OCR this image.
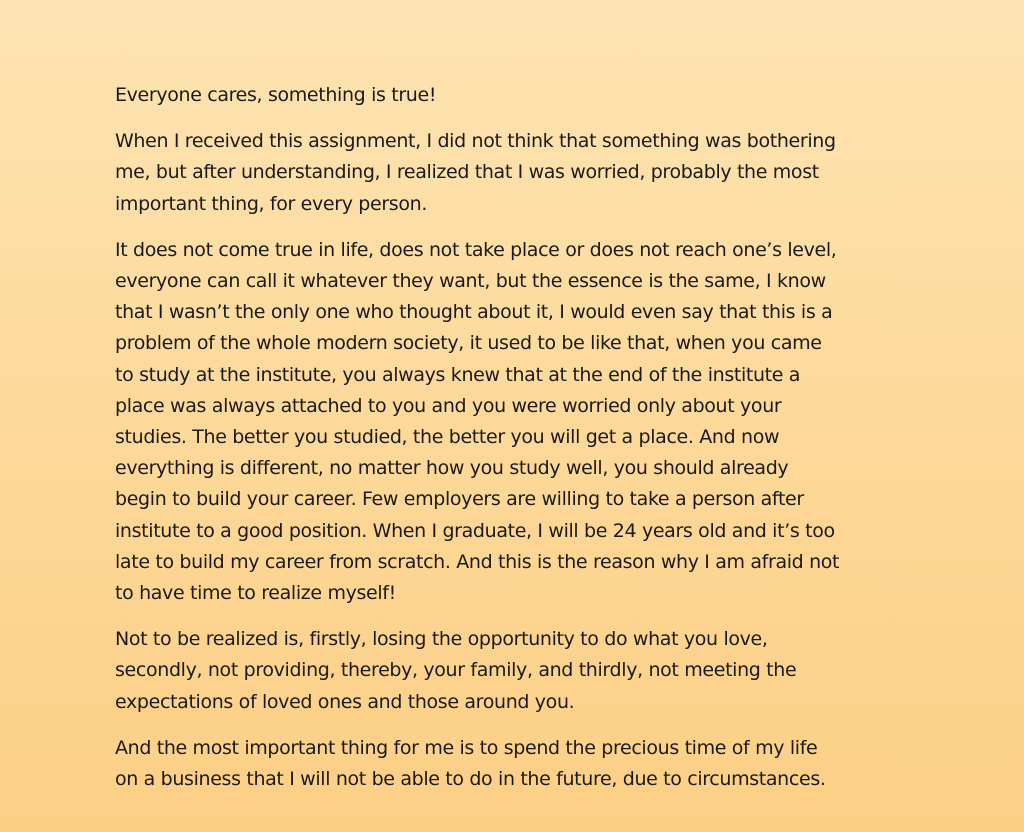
Everyone cares, something is true!

When I received this assignment, I did not think that something was bothering
me, but after understanding, I realized that I was worried, probably the most
important thing, for every person.

It does not come true in life, does not take place or does not reach one’s level,
everyone can call it whatever they want, but the essence is the same, I know
that I wasn’t the only one who thought about it, I would even say that this is a
problem of the whole modern society, it used to be like that, when you came
to study at the institute, you always knew that at the end of the institute a
place was always attached to you and you were worried only about your
studies. The better you studied, the better you will get a place. And now
everything is different, no matter how you study well, you should already
begin to build your career. Few employers are willing to take a person after
institute to a good position. When I graduate, I will be 24 years old and it’s too
late to build my career from scratch. And this is the reason why I am afraid not
to have time to realize myself!

Not to be realized is, firstly, losing the opportunity to do what you love,
secondly, not providing, thereby, your family, and thirdly, not meeting the
expectations of loved ones and those around you.

And the most important thing for me is to spend the precious time of my life
on a business that I will not be able to do in the future, due to circumstances.
